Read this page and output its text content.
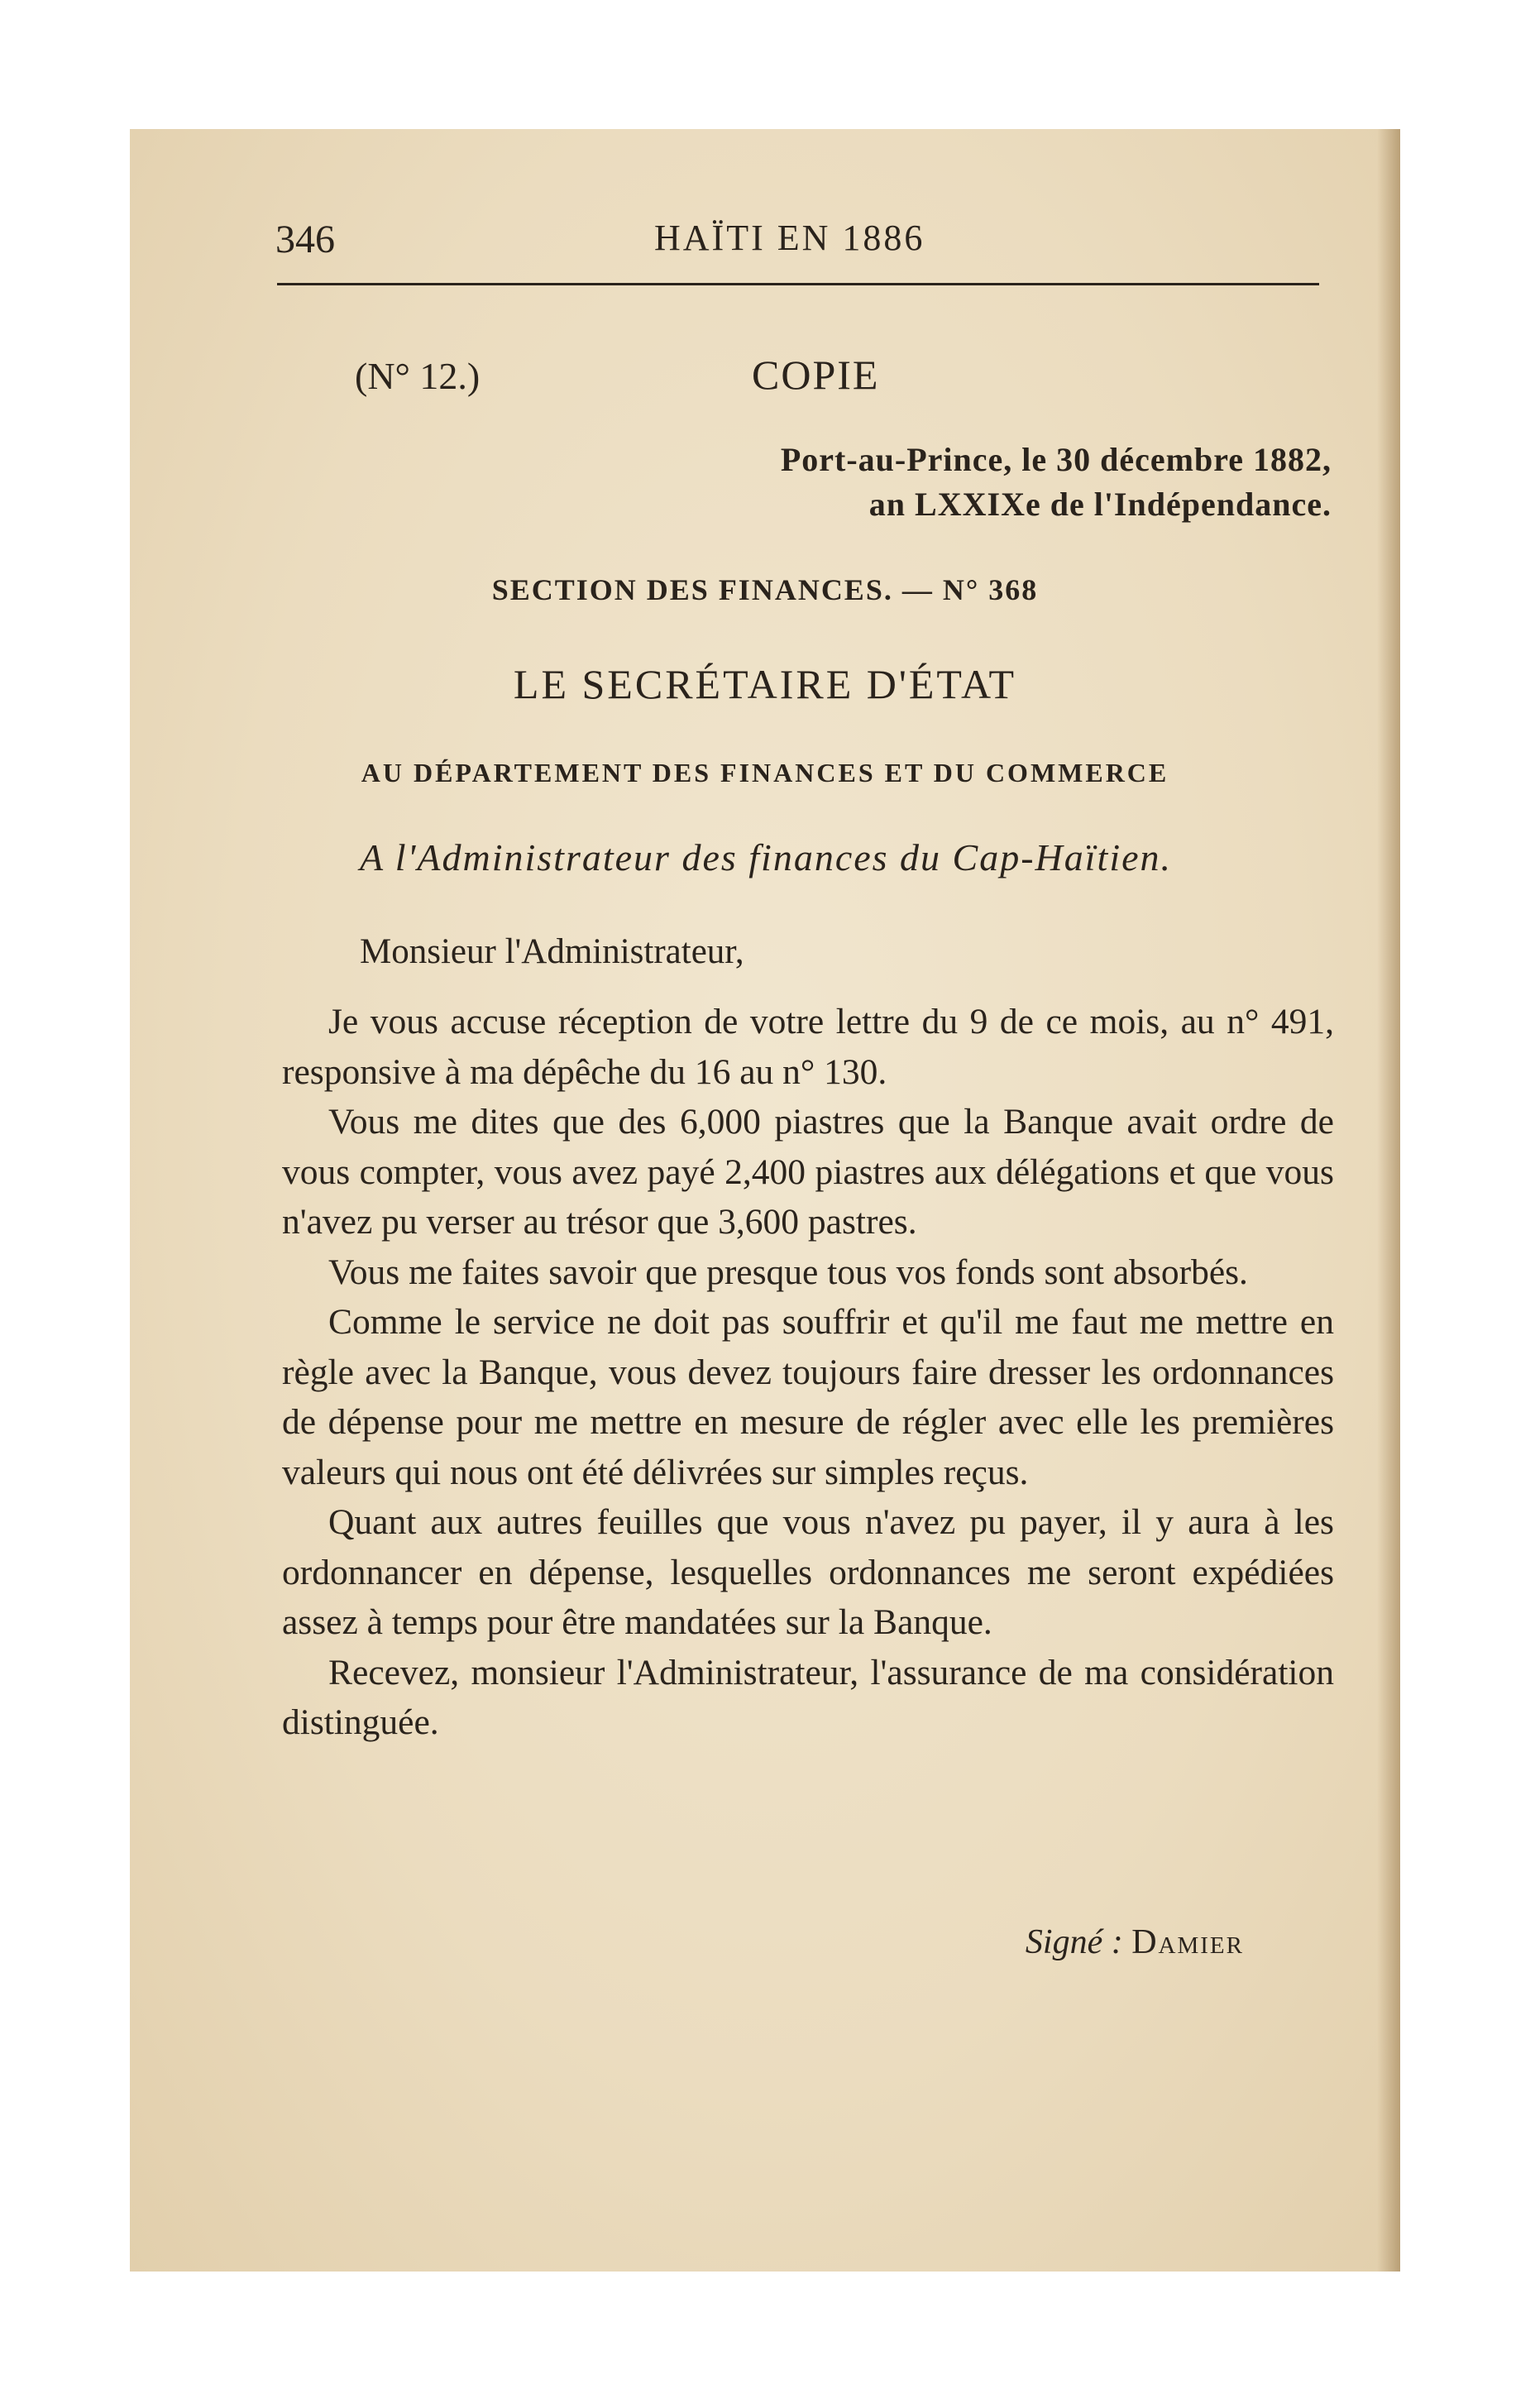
346	HAÏTI EN 1886
(N° 12.)	COPIE
Port-au-Prince, le 30 décembre 1882,
an LXXIXe de l'Indépendance.
SECTION DES FINANCES. — N° 368
LE SECRÉTAIRE D'ÉTAT
AU DÉPARTEMENT DES FINANCES ET DU COMMERCE
A l'Administrateur des finances du Cap-Haïtien.
Monsieur l'Administrateur,

Je vous accuse réception de votre lettre du 9 de ce mois, au n° 491, responsive à ma dépêche du 16 au n° 130.

Vous me dites que des 6,000 piastres que la Banque avait ordre de vous compter, vous avez payé 2,400 piastres aux délégations et que vous n'avez pu verser au trésor que 3,600 pastres.

Vous me faites savoir que presque tous vos fonds sont absorbés.

Comme le service ne doit pas souffrir et qu'il me faut me mettre en règle avec la Banque, vous devez toujours faire dresser les ordonnances de dépense pour me mettre en mesure de régler avec elle les premières valeurs qui nous ont été délivrées sur simples reçus.

Quant aux autres feuilles que vous n'avez pu payer, il y aura à les ordonnancer en dépense, lesquelles ordonnances me seront expédiées assez à temps pour être mandatées sur la Banque.

Recevez, monsieur l'Administrateur, l'assurance de ma considération distinguée.

Signé : Damier
